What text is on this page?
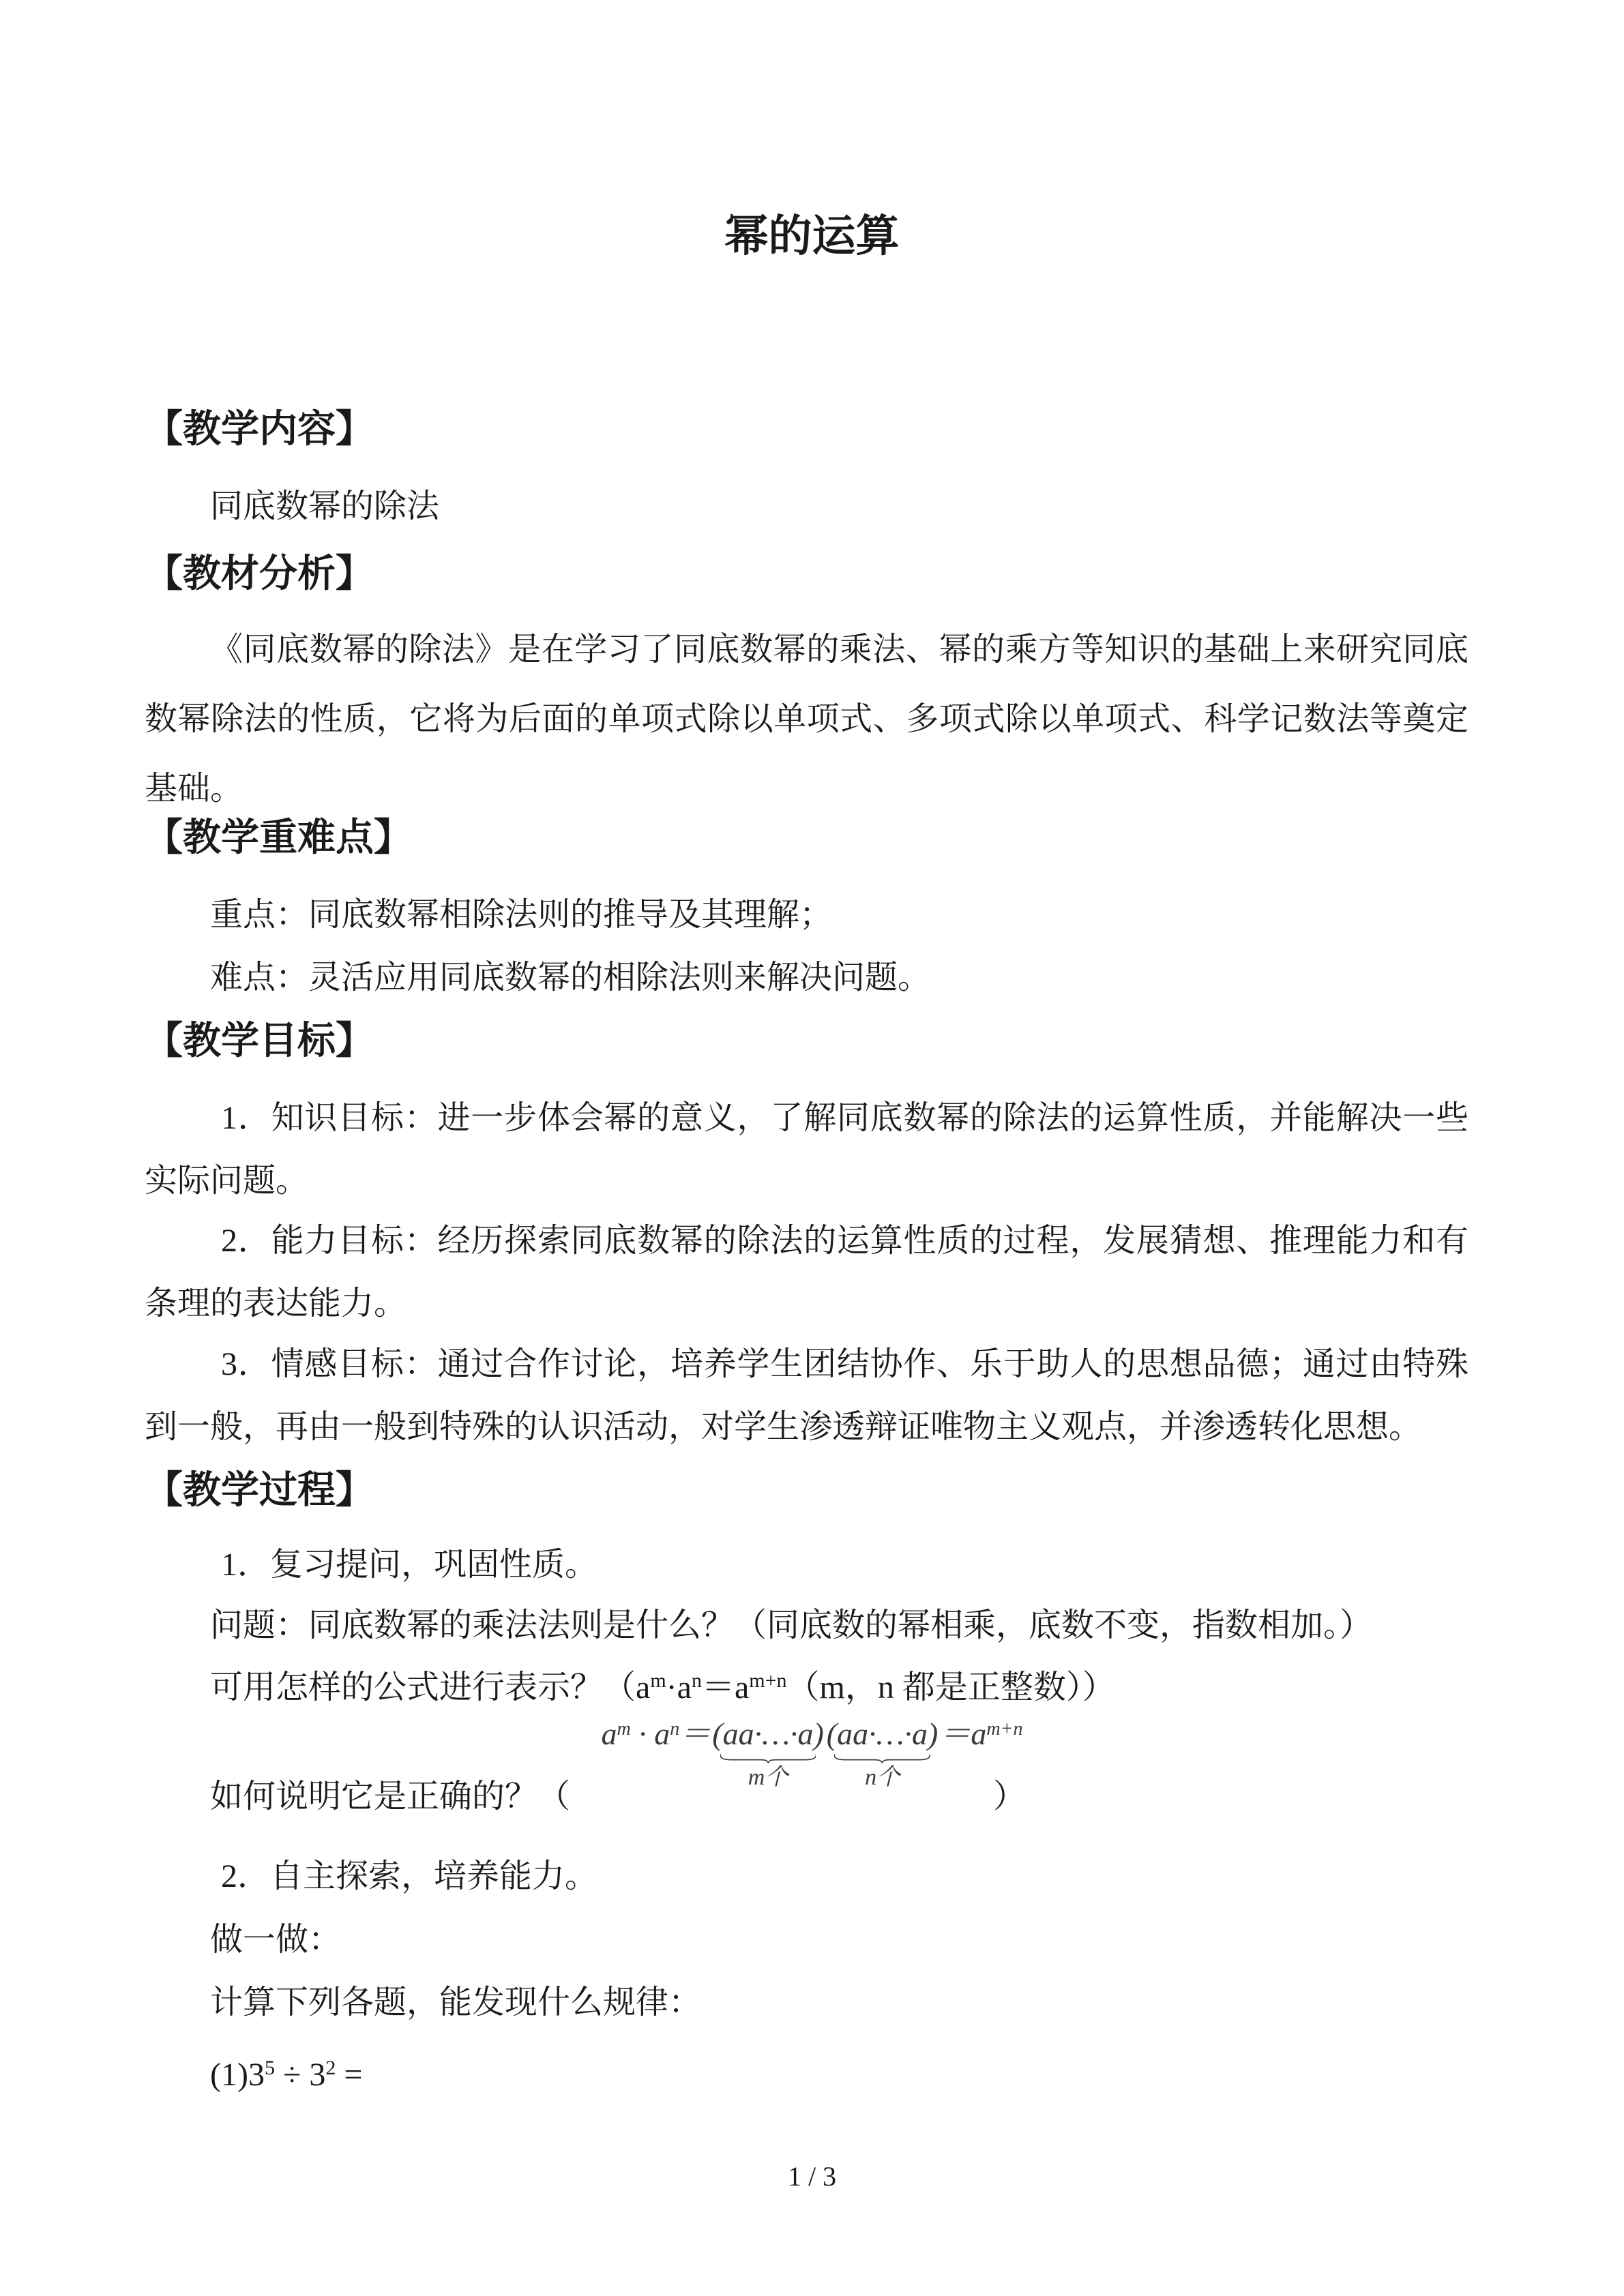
幂的运算
【教学内容】
同底数幂的除法
【教材分析】
《同底数幂的除法》是在学习了同底数幂的乘法、幂的乘方等知识的基础上来研究同底数幂除法的性质，它将为后面的单项式除以单项式、多项式除以单项式、科学记数法等奠定基础。
【教学重难点】
重点：同底数幂相除法则的推导及其理解；
难点：灵活应用同底数幂的相除法则来解决问题。
【教学目标】
1．知识目标：进一步体会幂的意义，了解同底数幂的除法的运算性质，并能解决一些实际问题。
2．能力目标：经历探索同底数幂的除法的运算性质的过程，发展猜想、推理能力和有条理的表达能力。
3．情感目标：通过合作讨论，培养学生团结协作、乐于助人的思想品德；通过由特殊到一般，再由一般到特殊的认识活动，对学生渗透辩证唯物主义观点，并渗透转化思想。
【教学过程】
1．复习提问，巩固性质。
问题：同底数幂的乘法法则是什么？（同底数的幂相乘，底数不变，指数相加。）
可用怎样的公式进行表示？（$a^m\cdot a^n=a^{m+n}(m$，n 都是正整数））
$a^m \cdot a^n=$ (aa·…·a)
m个
(aa·…·a)
n个
$=a^{m+n}$
如何说明它是正确的？（	）
2．自主探索，培养能力。
做一做：
计算下列各题，能发现什么规律：
$(1)3^5 \div 3^2$ =
1 / 3
